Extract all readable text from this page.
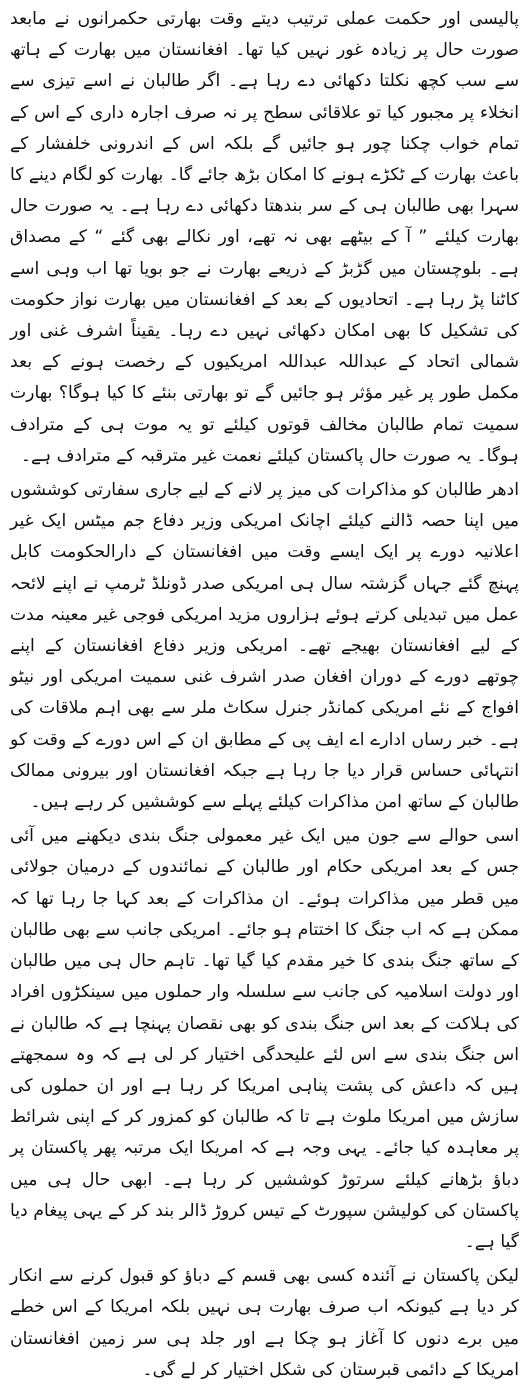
پالیسی اور حکمت عملی ترتیب دیتے وقت بھارتی حکمرانوں نے مابعد صورت حال پر زیادہ غور نہیں کیا تھا۔ افغانستان میں بھارت کے ہاتھ سے سب کچھ نکلتا دکھائی دے رہا ہے۔ اگر طالبان نے اسے تیزی سے انخلاء پر مجبور کیا تو علاقائی سطح پر نہ صرف اجارہ داری کے اس کے تمام خواب چکنا چور ہو جائیں گے بلکہ اس کے اندرونی خلفشار کے باعث بھارت کے ٹکڑے ہونے کا امکان بڑھ جائے گا۔ بھارت کو لگام دینے کا سہرا بھی طالبان ہی کے سر بندھتا دکھائی دے رہا ہے۔ یہ صورت حال بھارت کیلئے ” آ کے بیٹھے بھی نہ تھے، اور نکالے بھی گئے “ کے مصداق ہے۔ بلوچستان میں گڑبڑ کے ذریعے بھارت نے جو بویا تھا اب وہی اسے کاٹنا پڑ رہا ہے۔ اتحادیوں کے بعد کے افغانستان میں بھارت نواز حکومت کی تشکیل کا بھی امکان دکھائی نہیں دے رہا۔ یقیناً اشرف غنی اور شمالی اتحاد کے عبداللہ عبداللہ امریکیوں کے رخصت ہونے کے بعد مکمل طور پر غیر مؤثر ہو جائیں گے تو بھارتی بنئے کا کیا ہوگا؟ بھارت سمیت تمام طالبان مخالف قوتوں کیلئے تو یہ موت ہی کے مترادف ہوگا۔ یہ صورت حال پاکستان کیلئے نعمت غیر مترقبہ کے مترادف ہے۔

ادھر طالبان کو مذاکرات کی میز پر لانے کے لیے جاری سفارتی کوششوں میں اپنا حصہ ڈالنے کیلئے اچانک امریکی وزیر دفاع جم میٹس ایک غیر اعلانیہ دورے پر ایک ایسے وقت میں افغانستان کے دارالحکومت کابل پہنچ گئے جہاں گزشتہ سال ہی امریکی صدر ڈونلڈ ٹرمپ نے اپنے لائحہ عمل میں تبدیلی کرتے ہوئے ہزاروں مزید امریکی فوجی غیر معینہ مدت کے لیے افغانستان بھیجے تھے۔ امریکی وزیر دفاع افغانستان کے اپنے چوتھے دورے کے دوران افغان صدر اشرف غنی سمیت امریکی اور نیٹو افواج کے نئے امریکی کمانڈر جنرل سکاٹ ملر سے بھی اہم ملاقات کی ہے۔ خبر رساں ادارے اے ایف پی کے مطابق ان کے اس دورے کے وقت کو انتہائی حساس قرار دیا جا رہا ہے جبکہ افغانستان اور بیرونی ممالک طالبان کے ساتھ امن مذاکرات کیلئے پہلے سے کوششیں کر رہے ہیں۔

اسی حوالے سے جون میں ایک غیر معمولی جنگ بندی دیکھنے میں آئی جس کے بعد امریکی حکام اور طالبان کے نمائندوں کے درمیان جولائی میں قطر میں مذاکرات ہوئے۔ ان مذاکرات کے بعد کہا جا رہا تھا کہ ممکن ہے کہ اب جنگ کا اختتام ہو جائے۔ امریکی جانب سے بھی طالبان کے ساتھ جنگ بندی کا خیر مقدم کیا گیا تھا۔ تاہم حال ہی میں طالبان اور دولت اسلامیہ کی جانب سے سلسلہ وار حملوں میں سینکڑوں افراد کی ہلاکت کے بعد اس جنگ بندی کو بھی نقصان پہنچا ہے کہ طالبان نے اس جنگ بندی سے اس لئے علیحدگی اختیار کر لی ہے کہ وہ سمجھتے ہیں کہ داعش کی پشت پناہی امریکا کر رہا ہے اور ان حملوں کی سازش میں امریکا ملوث ہے تا کہ طالبان کو کمزور کر کے اپنی شرائط پر معاہدہ کیا جائے۔ یہی وجہ ہے کہ امریکا ایک مرتبہ پھر پاکستان پر دباؤ بڑھانے کیلئے سرتوڑ کوششیں کر رہا ہے۔ ابھی حال ہی میں پاکستان کی کولیشن سپورٹ کے تیس کروڑ ڈالر بند کر کے یہی پیغام دیا گیا ہے۔

لیکن پاکستان نے آئندہ کسی بھی قسم کے دباؤ کو قبول کرنے سے انکار کر دیا ہے کیونکہ اب صرف بھارت ہی نہیں بلکہ امریکا کے اس خطے میں برے دنوں کا آغاز ہو چکا ہے اور جلد ہی سر زمین افغانستان امریکا کے دائمی قبرستان کی شکل اختیار کر لے گی۔
